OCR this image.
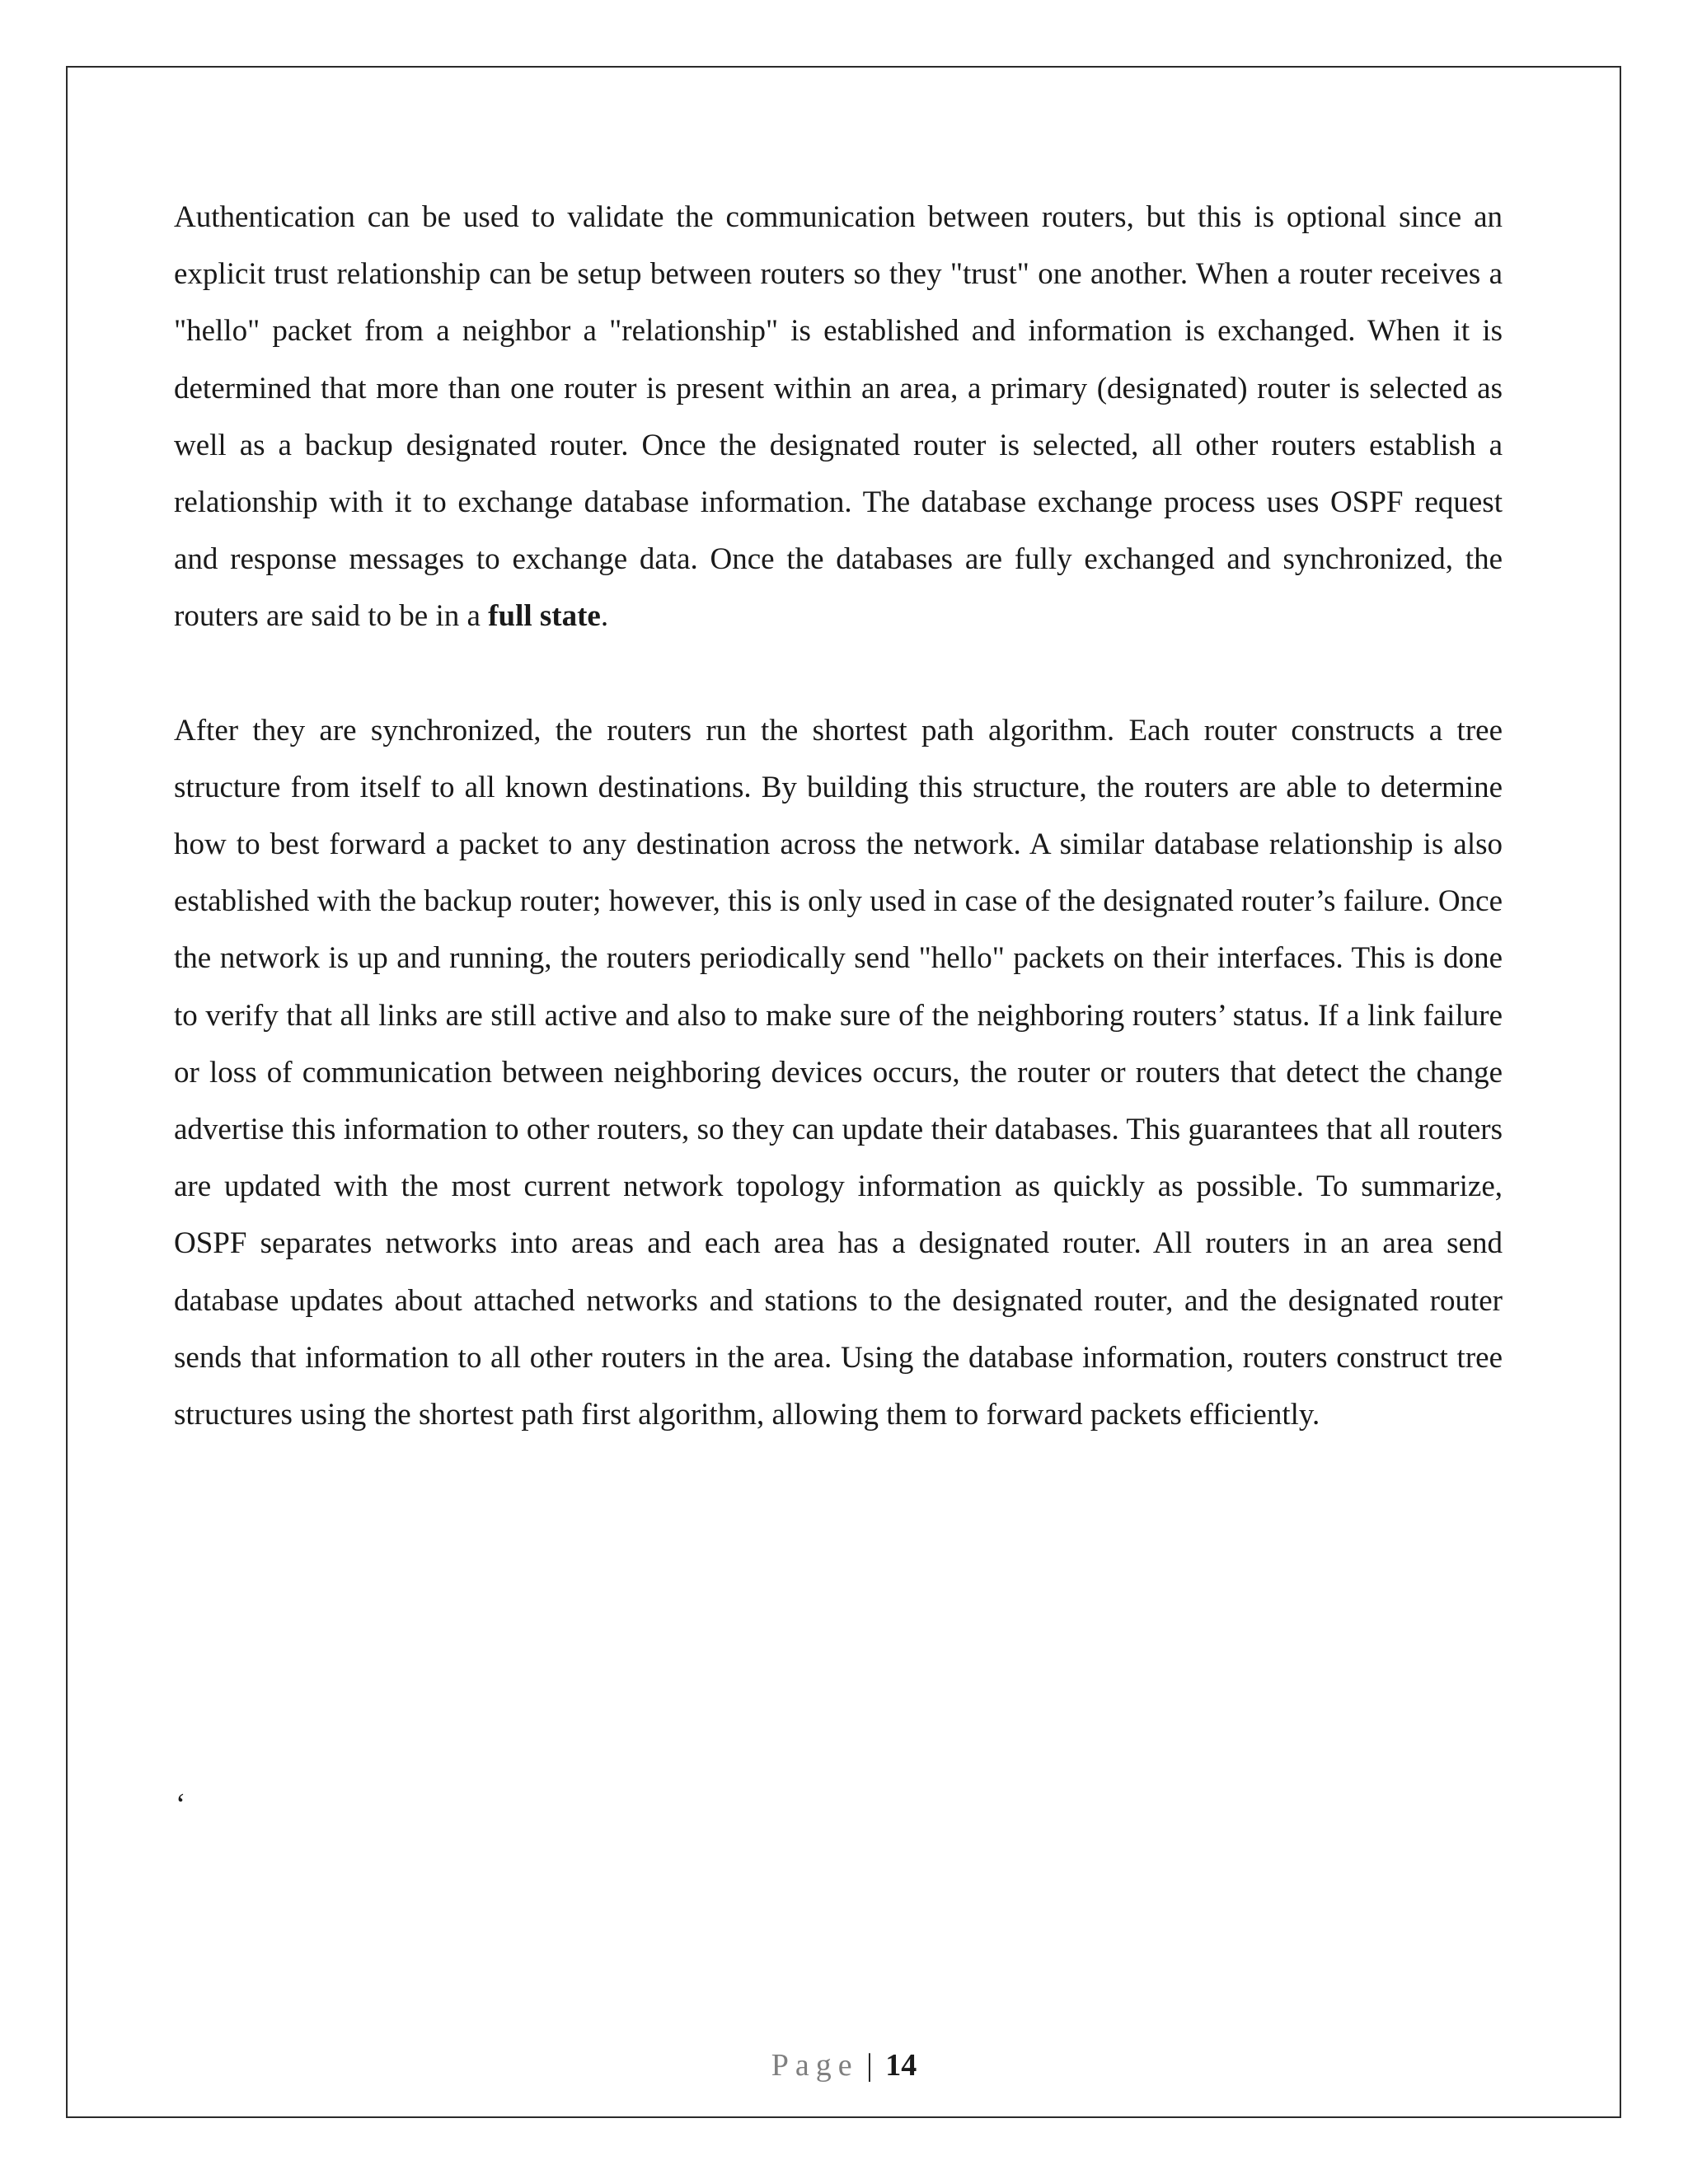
Authentication can be used to validate the communication between routers, but this is optional since an explicit trust relationship can be setup between routers so they "trust" one another. When a router receives a "hello" packet from a neighbor a "relationship" is established and information is exchanged. When it is determined that more than one router is present within an area, a primary (designated) router is selected as well as a backup designated router. Once the designated router is selected, all other routers establish a relationship with it to exchange database information. The database exchange process uses OSPF request and response messages to exchange data. Once the databases are fully exchanged and synchronized, the routers are said to be in a full state.

After they are synchronized, the routers run the shortest path algorithm. Each router constructs a tree structure from itself to all known destinations. By building this structure, the routers are able to determine how to best forward a packet to any destination across the network. A similar database relationship is also established with the backup router; however, this is only used in case of the designated router’s failure. Once the network is up and running, the routers periodically send "hello" packets on their interfaces. This is done to verify that all links are still active and also to make sure of the neighboring routers’ status. If a link failure or loss of communication between neighboring devices occurs, the router or routers that detect the change advertise this information to other routers, so they can update their databases. This guarantees that all routers are updated with the most current network topology information as quickly as possible. To summarize, OSPF separates networks into areas and each area has a designated router. All routers in an area send database updates about attached networks and stations to the designated router, and the designated router sends that information to all other routers in the area. Using the database information, routers construct tree structures using the shortest path first algorithm, allowing them to forward packets efficiently.

‘
Page | 14
